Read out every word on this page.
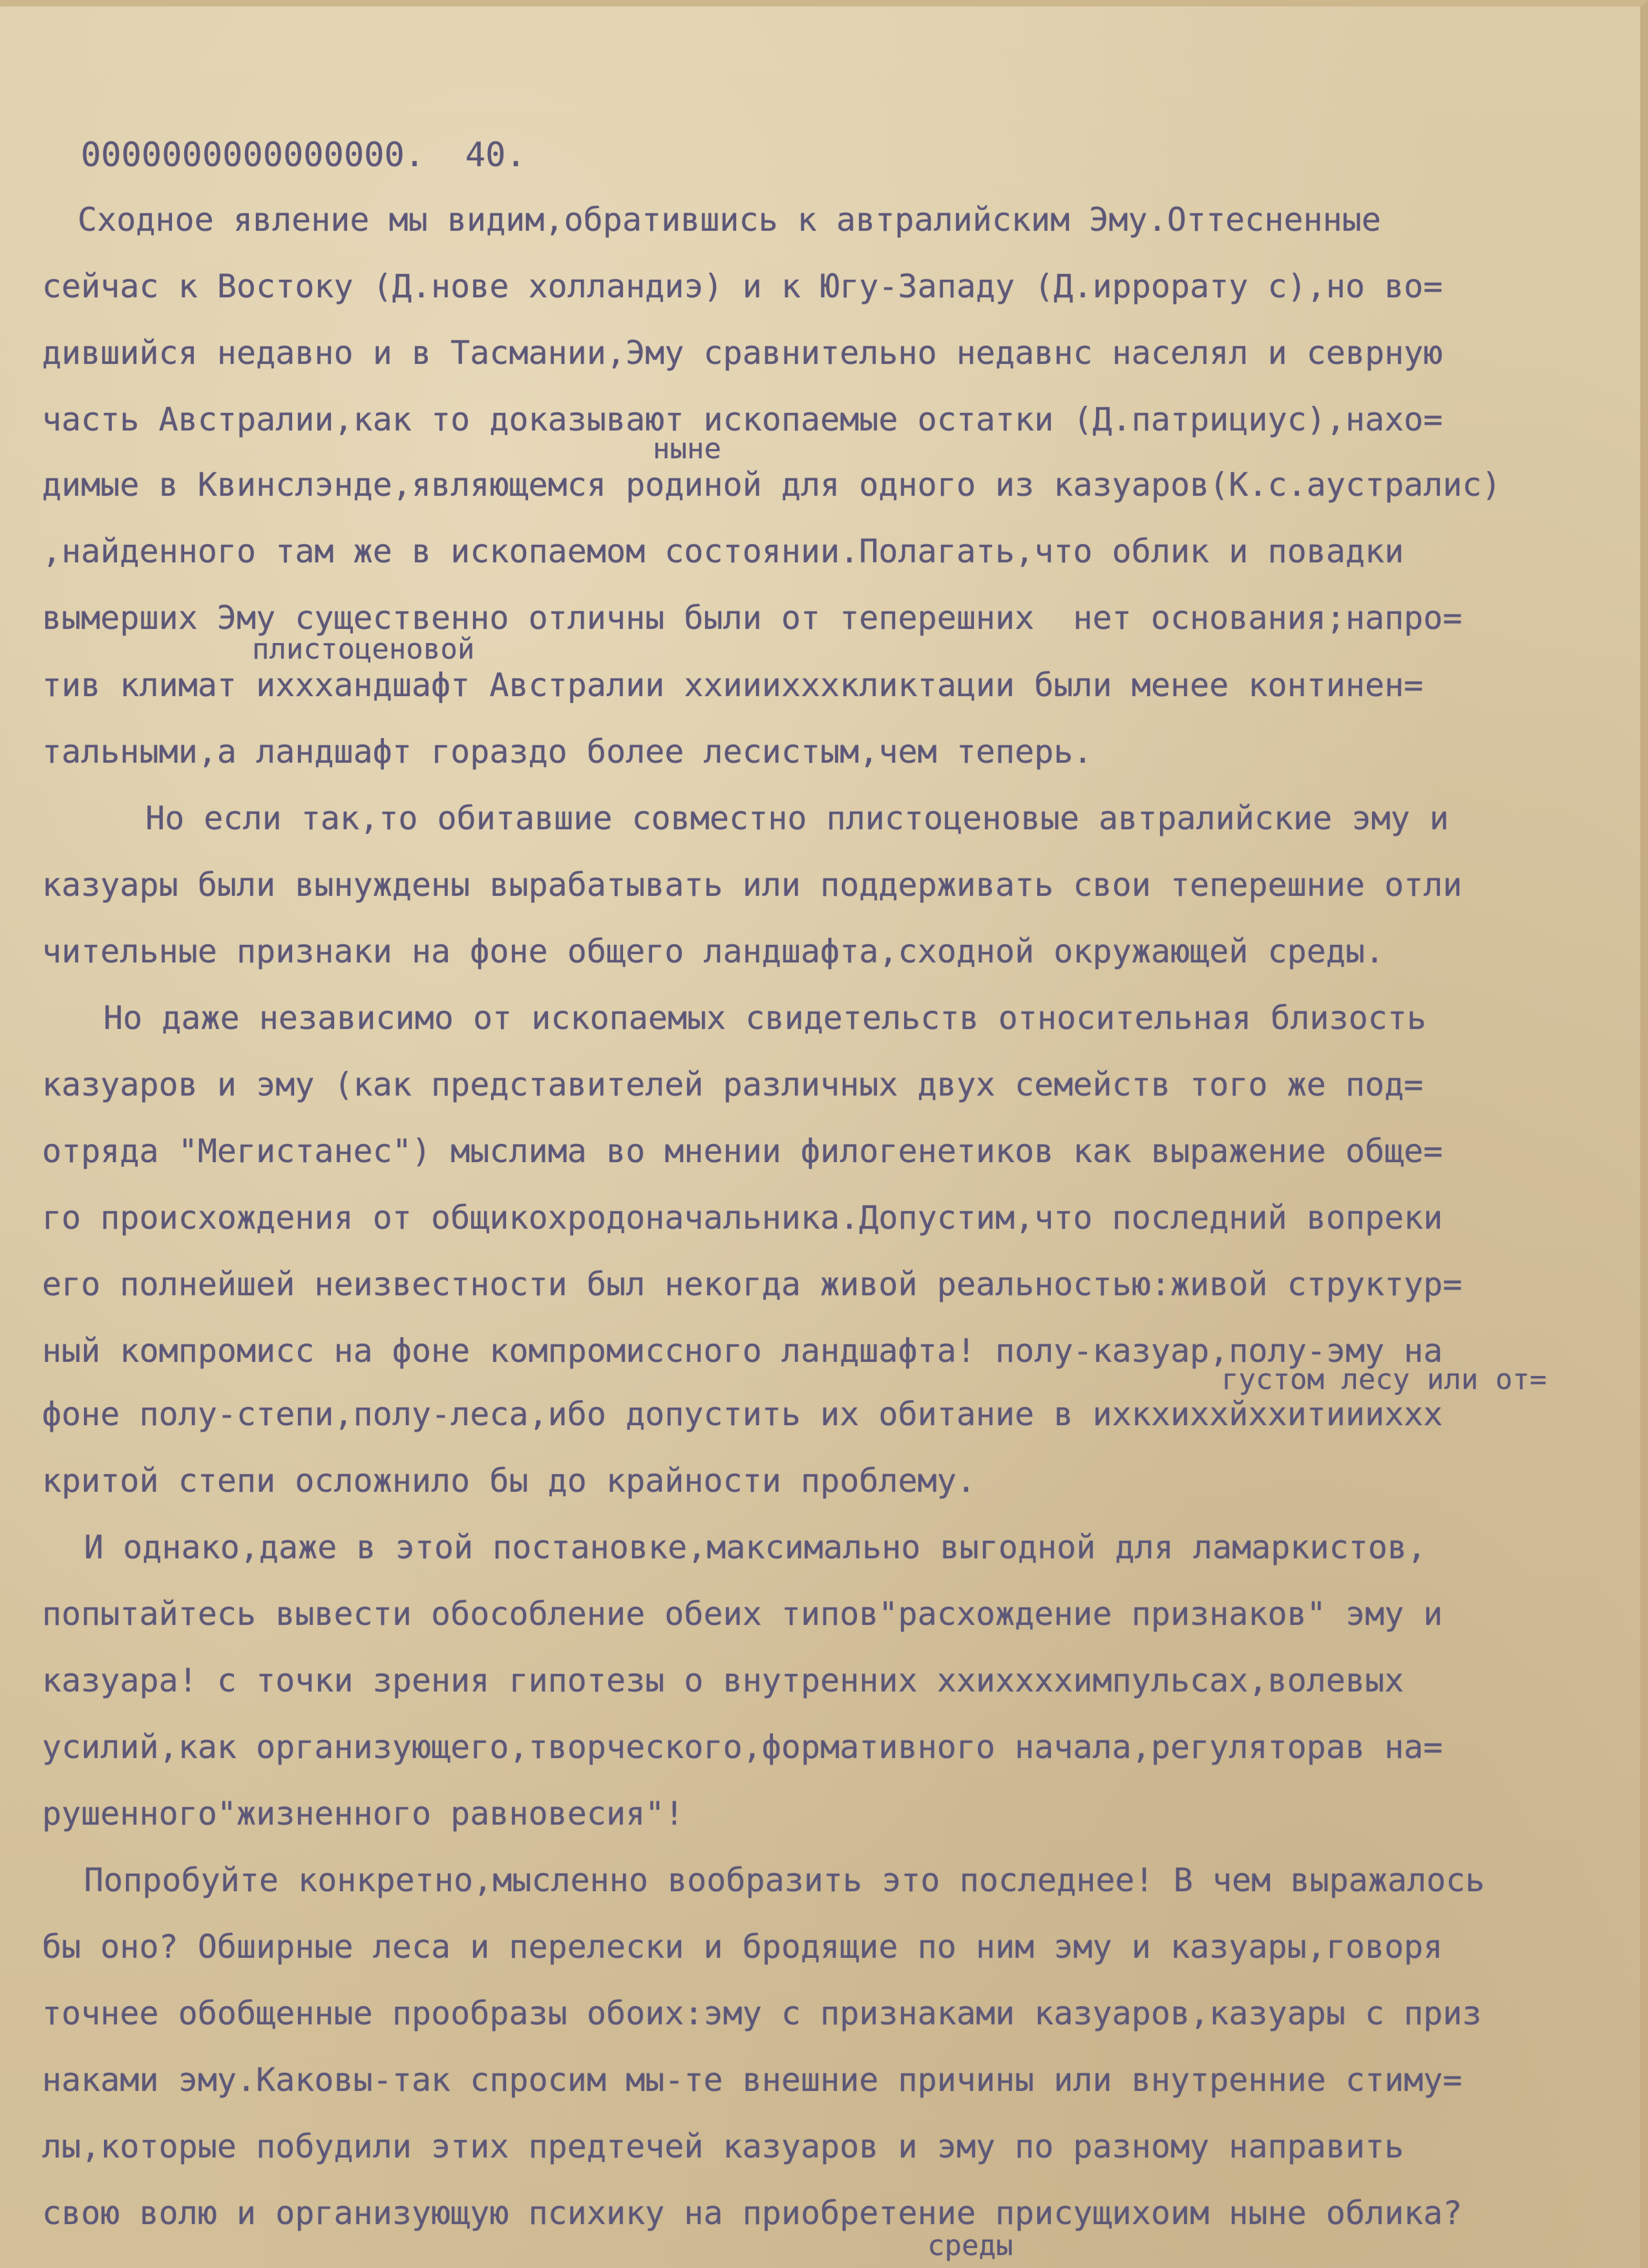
0000000000000000.  40.
Сходное явление мы видим,обратившись к автралийским Эму.Оттесненные
сейчас к Востоку (Д.нове холландиэ) и к Югу-Западу (Д.иррорату с),но во=
дившийся недавно и в Тасмании,Эму сравнительно недавнс населял и севрную
часть Австралии,как то доказывают ископаемые остатки (Д.патрициус),нахо=
ныне
димые в Квинслэнде,являющемся родиной для одного из казуаров(К.с.аустралис)
,найденного там же в ископаемом состоянии.Полагать,что облик и повадки
вымерших Эму существенно отличны были от теперешних  нет основания;напро=
плистоценовой
тив климат ихххандшафт Австралии ххииихххкликтации были менее континен=
тальными,а ландшафт гораздо более лесистым,чем теперь.
Но если так,то обитавшие совместно плистоценовые автралийские эму и
казуары были вынуждены вырабатывать или поддерживать свои теперешние отли
чительные признаки на фоне общего ландшафта,сходной окружающей среды.
Но даже независимо от ископаемых свидетельств относительная близость
казуаров и эму (как представителей различных двух семейств того же под=
отряда "Мегистанес") мыслима во мнении филогенетиков как выражение обще=
го происхождения от общикохродоначальника.Допустим,что последний вопреки
его полнейшей неизвестности был некогда живой реальностью:живой структур=
ный компромисс на фоне компромиссного ландшафта! полу-казуар,полу-эму на
густом лесу или от=
фоне полу-степи,полу-леса,ибо допустить их обитание в ихкхиххйххитиииххх
критой степи осложнило бы до крайности проблему.
И однако,даже в этой постановке,максимально выгодной для ламаркистов,
попытайтесь вывести обособление обеих типов"расхождение признаков" эму и
казуара! с точки зрения гипотезы о внутренних ххиххххимпульсах,волевых
усилий,как организующего,творческого,формативного начала,регуляторав на=
рушенного"жизненного равновесия"!
Попробуйте конкретно,мысленно вообразить это последнее! В чем выражалось
бы оно? Обширные леса и перелески и бродящие по ним эму и казуары,говоря
точнее обобщенные прообразы обоих:эму с признаками казуаров,казуары с приз
наками эму.Каковы-так спросим мы-те внешние причины или внутренние стиму=
лы,которые побудили этих предтечей казуаров и эму по разному направить
свою волю и организующую психику на приобретение присущихоим ныне облика?
среды
